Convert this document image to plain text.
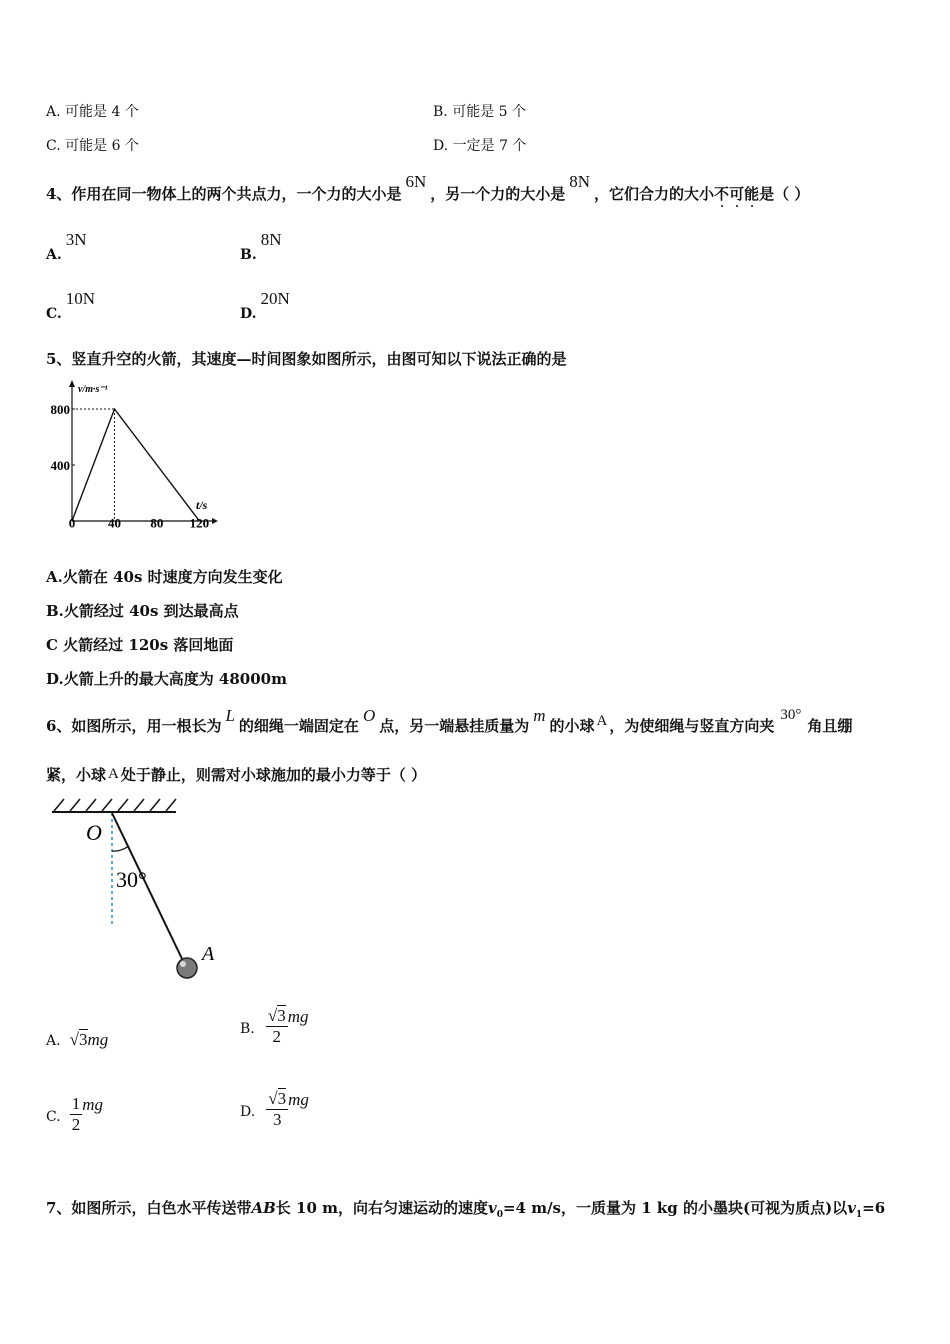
A. 可能是 4 个	B. 可能是 5 个
C. 可能是 6 个	D. 一定是 7 个
4、作用在同一物体上的两个共点力，一个力的大小是6N，另一个力的大小是8N，它们合力的大小不可能是（ ）
A.3N
B.8N
C.10N
D.20N
5、竖直升空的火箭，其速度—时间图象如图所示，由图可知以下说法正确的是
v/m·s⁻¹
t/s
0	40 80 120
400
800
A.火箭在 40s 时速度方向发生变化
B.火箭经过 40s 到达最高点
C 火箭经过 120s 落回地面
D.火箭上升的最大高度为 48000m
6、如图所示，用一根长为L的细绳一端固定在O点，另一端悬挂质量为m的小球 A ，为使细绳与竖直方向夹30°角且绷
紧，小球 A 处于静止，则需对小球施加的最小力等于（ ）
O
30°
A
A. √3mg
B. $\frac{√3}{2}$ mg
C. $\frac{1}{2}$ mg	D. $\frac{√3}{3}$ mg
7、如图所示，白色水平传送带AB长 10 m，向右匀速运动的速度$v_0=4$ m/s，一质量为 1 kg 的小墨块(可视为质点)以$v_1=6$
